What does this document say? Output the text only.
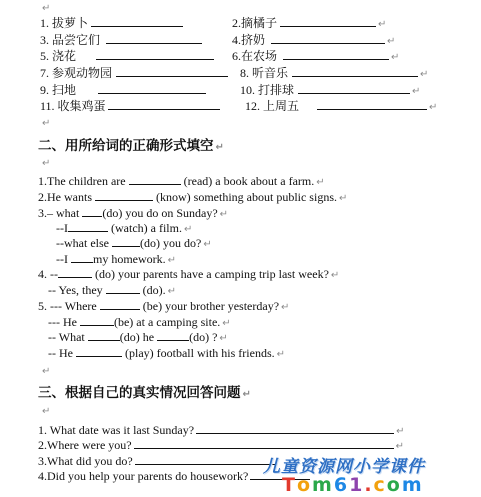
↵
1. 拔萝卜	2.摘橘子	↵
3. 品尝它们	4.挤奶	↵
5. 浇花	6.在农场	↵
7. 参观动物园	8. 听音乐	↵
9. 扫地	10. 打排球	↵
11. 收集鸡蛋	12. 上周五	↵
↵
二、用所给词的正确形式填空 ↵
↵
1.The children are	(read) a book about a farm. ↵
2.He wants	(know) something about public signs. ↵
3.– what (do) you do on Sunday? ↵
--I	(watch) a film. ↵
--what else	(do) you do? ↵
--I my homework. ↵
4. --	(do) your parents have a camping trip last week? ↵
-- Yes, they	(do). ↵
5. --- Where	(be) your brother yesterday? ↵
--- He	(be) at a camping site. ↵
-- What	(do) he	(do) ? ↵
-- He	(play) football with his friends. ↵
↵
三、根据自己的真实情况回答问题 ↵
↵
1. What date was it last Sunday?	↵
2.Where were you?	↵
3.What did you do?
4.Did you help your parents do housework? 儿童资源网小学课件
Tom61.com
